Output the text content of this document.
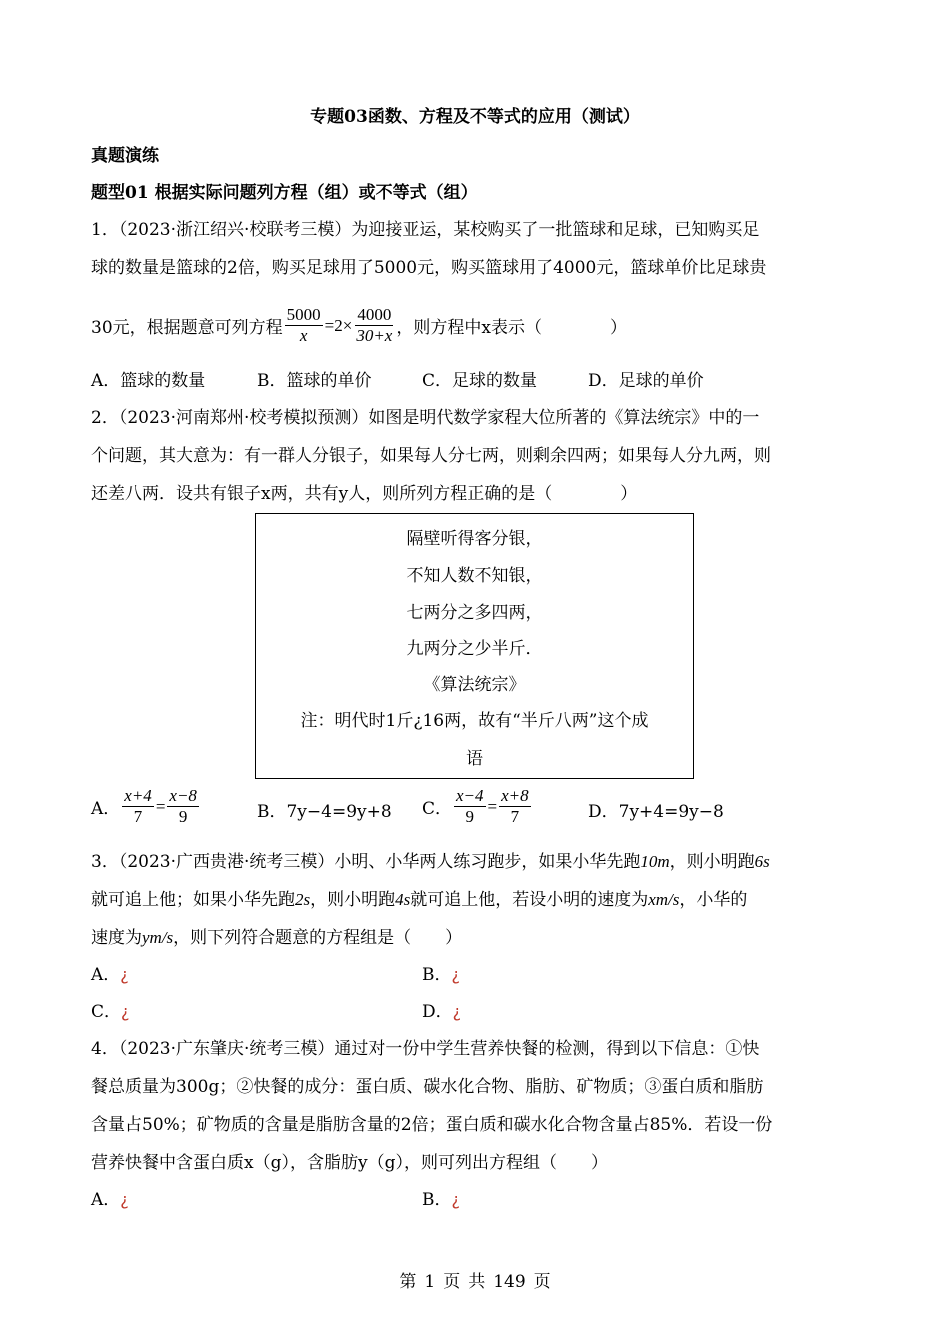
专题03函数、方程及不等式的应用（测试）
真题演练
题型01 根据实际问题列方程（组）或不等式（组）
1．（2023·浙江绍兴·校联考三模）为迎接亚运，某校购买了一批篮球和足球，已知购买足
球的数量是篮球的2倍，购买足球用了5000元，购买篮球用了4000元，篮球单价比足球贵
30元，根据题意可列方程 $\frac{5000}{x} =2\times \frac{4000}{30+x}$ ，则方程中x表示（　　　　）
A．篮球的数量	B．篮球的单价	C．足球的数量	D．足球的单价
2．（2023·河南郑州·校考模拟预测）如图是明代数学家程大位所著的《算法统宗》中的一
个问题，其大意为：有一群人分银子，如果每人分七两，则剩余四两；如果每人分九两，则
还差八两．设共有银子x两，共有y人，则所列方程正确的是（　　　　）
隔壁听得客分银，
不知人数不知银，
七两分之多四两，
九两分之少半斤．
《算法统宗》
注：明代时1斤¿16两，故有“半斤八两”这个成
语
A． $\frac{x+4}{7} = \frac{x-8}{9}$	B．7y−4=9y+8 C． $\frac{x-4}{9} = \frac{x+8}{7}$	D．7y+4=9y−8
3．（2023·广西贵港·统考三模）小明、小华两人练习跑步，如果小华先跑10m，则小明跑6s
就可追上他；如果小华先跑2s，则小明跑4s就可追上他，若设小明的速度为xm/s，小华的
速度为ym/s，则下列符合题意的方程组是（　　）
A．¿	B．¿
C．¿	D．¿
4．（2023·广东肇庆·统考三模）通过对一份中学生营养快餐的检测，得到以下信息：①快
餐总质量为300g；②快餐的成分：蛋白质、碳水化合物、脂肪、矿物质；③蛋白质和脂肪
含量占50%；矿物质的含量是脂肪含量的2倍；蛋白质和碳水化合物含量占85%．若设一份
营养快餐中含蛋白质x（g），含脂肪y（g），则可列出方程组（　　）
A．¿	B．¿
第 1 页 共 149 页
